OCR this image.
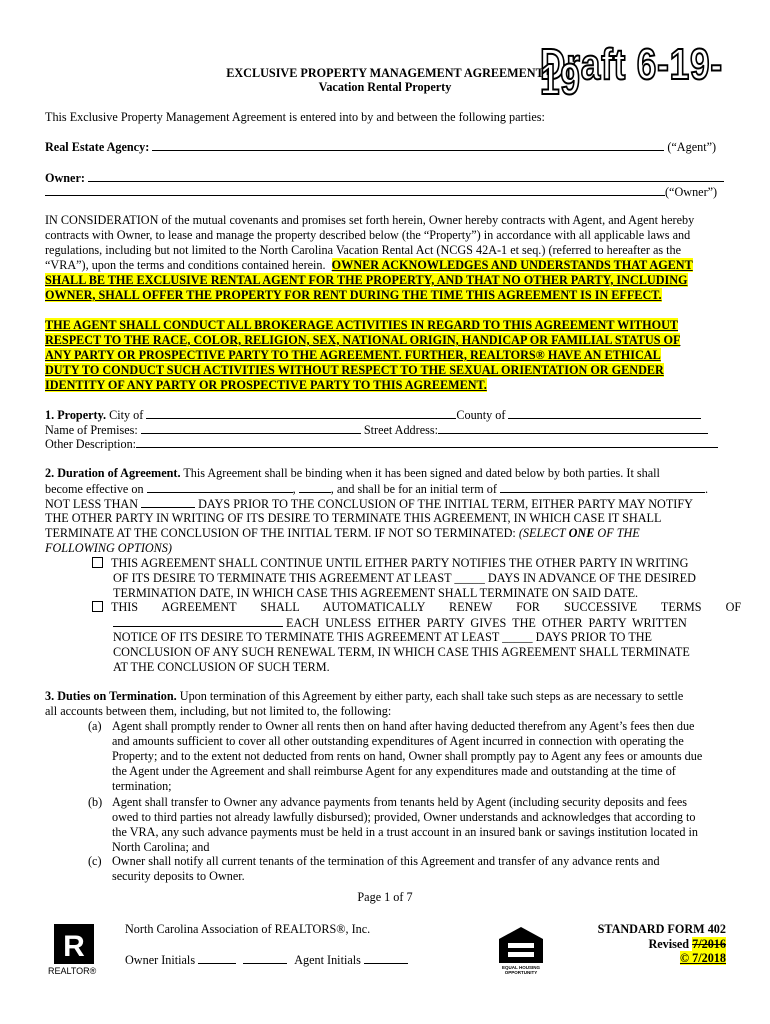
EXCLUSIVE PROPERTY MANAGEMENT AGREEMENT
Vacation Rental Property	Draft 6-19-19
This Exclusive Property Management Agreement is entered into by and between the following parties:
Real Estate Agency:	(“Agent”)
Owner:
(“Owner”)
IN CONSIDERATION of the mutual covenants and promises set forth herein, Owner hereby contracts with Agent, and Agent hereby
contracts with Owner, to lease and manage the property described below (the “Property”) in accordance with all applicable laws and
regulations, including but not limited to the North Carolina Vacation Rental Act (NCGS 42A-1 et seq.) (referred to hereafter as the
“VRA”), upon the terms and conditions contained herein. OWNER ACKNOWLEDGES AND UNDERSTANDS THAT AGENT
SHALL BE THE EXCLUSIVE RENTAL AGENT FOR THE PROPERTY, AND THAT NO OTHER PARTY, INCLUDING
OWNER, SHALL OFFER THE PROPERTY FOR RENT DURING THE TIME THIS AGREEMENT IS IN EFFECT.
THE AGENT SHALL CONDUCT ALL BROKERAGE ACTIVITIES IN REGARD TO THIS AGREEMENT WITHOUT
RESPECT TO THE RACE, COLOR, RELIGION, SEX, NATIONAL ORIGIN, HANDICAP OR FAMILIAL STATUS OF
ANY PARTY OR PROSPECTIVE PARTY TO THE AGREEMENT. FURTHER, REALTORS® HAVE AN ETHICAL
DUTY TO CONDUCT SUCH ACTIVITIES WITHOUT RESPECT TO THE SEXUAL ORIENTATION OR GENDER
IDENTITY OF ANY PARTY OR PROSPECTIVE PARTY TO THIS AGREEMENT.
1. Property. City of	County of
Name of Premises:	Street Address:
Other Description:
2. Duration of Agreement. This Agreement shall be binding when it has been signed and dated below by both parties. It shall
become effective on	,	, and shall be for an initial term of	.
NOT LESS THAN	DAYS PRIOR TO THE CONCLUSION OF THE INITIAL TERM, EITHER PARTY MAY NOTIFY
THE OTHER PARTY IN WRITING OF ITS DESIRE TO TERMINATE THIS AGREEMENT, IN WHICH CASE IT SHALL
TERMINATE AT THE CONCLUSION OF THE INITIAL TERM. IF NOT SO TERMINATED: (SELECT ONE OF THE
FOLLOWING OPTIONS)
THIS AGREEMENT SHALL CONTINUE UNTIL EITHER PARTY NOTIFIES THE OTHER PARTY IN WRITING
OF ITS DESIRE TO TERMINATE THIS AGREEMENT AT LEAST _____ DAYS IN ADVANCE OF THE DESIRED
TERMINATION DATE, IN WHICH CASE THIS AGREEMENT SHALL TERMINATE ON SAID DATE.
THIS AGREEMENT SHALL AUTOMATICALLY RENEW FOR SUCCESSIVE TERMS OF
EACH UNLESS EITHER PARTY GIVES THE OTHER PARTY WRITTEN
NOTICE OF ITS DESIRE TO TERMINATE THIS AGREEMENT AT LEAST _____ DAYS PRIOR TO THE
CONCLUSION OF ANY SUCH RENEWAL TERM, IN WHICH CASE THIS AGREEMENT SHALL TERMINATE
AT THE CONCLUSION OF SUCH TERM.
3. Duties on Termination. Upon termination of this Agreement by either party, each shall take such steps as are necessary to settle
all accounts between them, including, but not limited to, the following:
(a) Agent shall promptly render to Owner all rents then on hand after having deducted therefrom any Agent’s fees then due
and amounts sufficient to cover all other outstanding expenditures of Agent incurred in connection with operating the
Property; and to the extent not deducted from rents on hand, Owner shall promptly pay to Agent any fees or amounts due
the Agent under the Agreement and shall reimburse Agent for any expenditures made and outstanding at the time of
termination;
(b) Agent shall transfer to Owner any advance payments from tenants held by Agent (including security deposits and fees
owed to third parties not already lawfully disbursed); provided, Owner understands and acknowledges that according to
the VRA, any such advance payments must be held in a trust account in an insured bank or savings institution located in
North Carolina; and
(c) Owner shall notify all current tenants of the termination of this Agreement and transfer of any advance rents and
security deposits to Owner.
Page 1 of 7
R
REALTOR®
North Carolina Association of REALTORS®, Inc.
Owner Initials	Agent Initials
EQUAL HOUSING
OPPORTUNITY
STANDARD FORM 402
Revised 7/2016
© 7/2018
